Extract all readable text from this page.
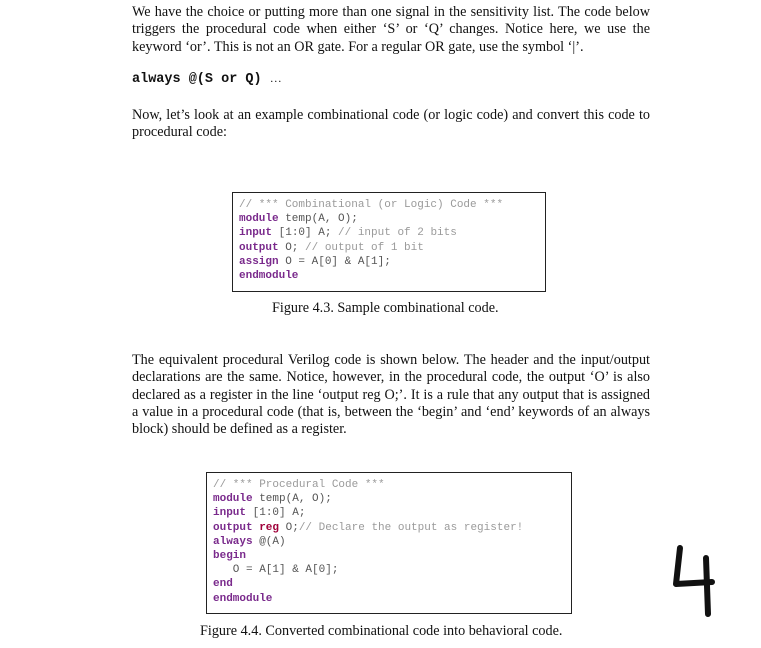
We have the choice or putting more than one signal in the sensitivity list. The code below triggers the procedural code when either ‘S’ or ‘Q’ changes. Notice here, we use the keyword ‘or’. This is not an OR gate. For a regular OR gate, use the symbol ‘|’.

always @(S or Q) …

Now, let’s look at an example combinational code (or logic code) and convert this code to procedural code:

// *** Combinational (or Logic) Code ***
module temp(A, O);
input [1:0] A; // input of 2 bits
output O; // output of 1 bit
assign O = A[0] & A[1];
endmodule
Figure 4.3. Sample combinational code.

The equivalent procedural Verilog code is shown below. The header and the input/output declarations are the same. Notice, however, in the procedural code, the output ‘O’ is also declared as a register in the line ‘output reg O;’. It is a rule that any output that is assigned a value in a procedural code (that is, between the ‘begin’ and ‘end’ keywords of an always block) should be defined as a register.

// *** Procedural Code ***
module temp(A, O);
input [1:0] A;
output reg O;// Declare the output as register!
always @(A)
begin
O = A[1] & A[0];
end
endmodule
Figure 4.4. Converted combinational code into behavioral code.
